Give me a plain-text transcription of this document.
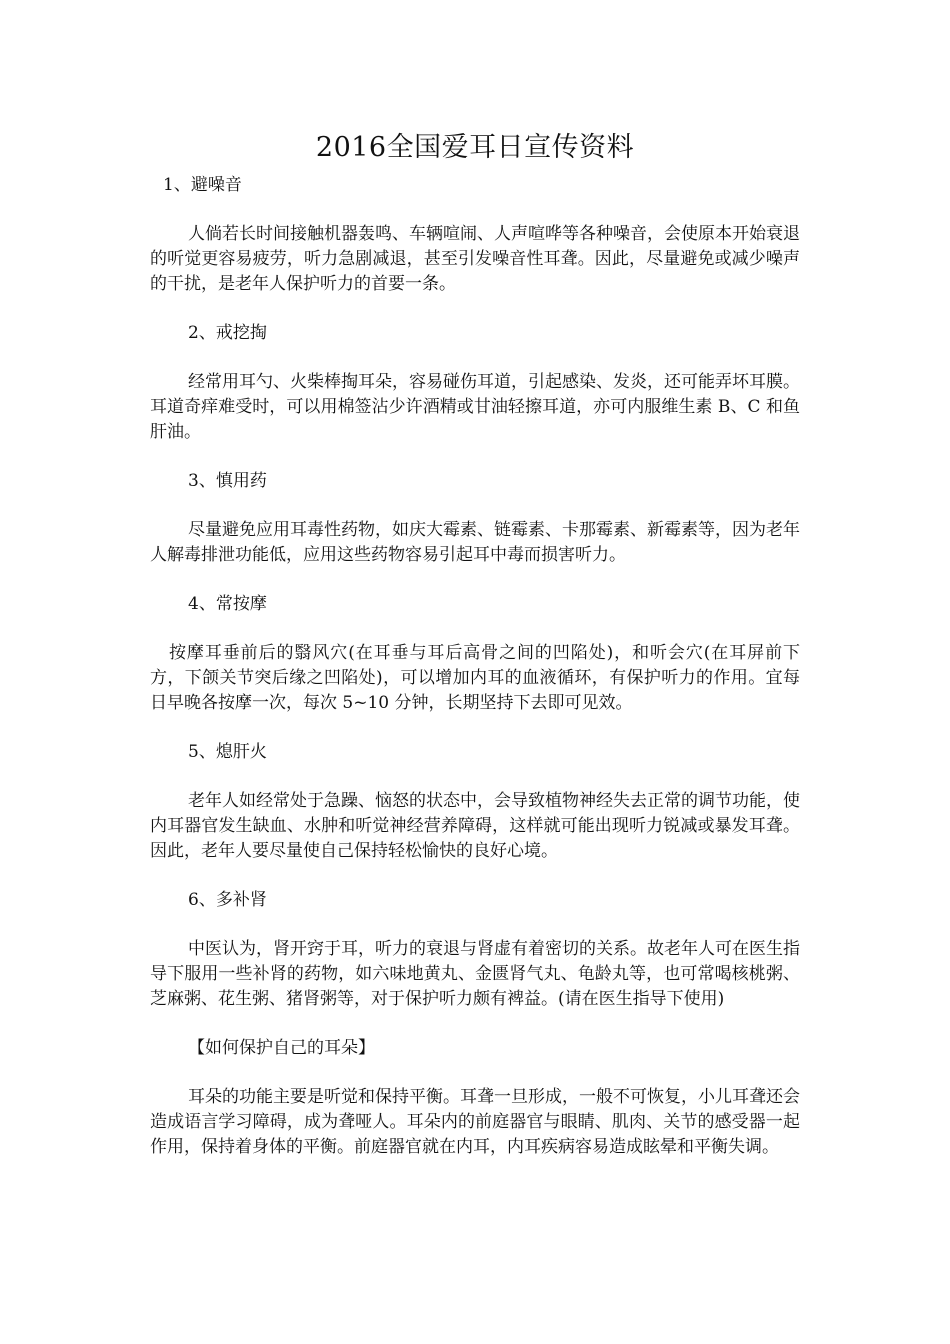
2016全国爱耳日宣传资料

1、避噪音

人倘若长时间接触机器轰鸣、车辆喧闹、人声喧哗等各种噪音，会使原本开始衰退的听觉更容易疲劳，听力急剧减退，甚至引发噪音性耳聋。因此，尽量避免或减少噪声的干扰，是老年人保护听力的首要一条。

2、戒挖掏

经常用耳勺、火柴棒掏耳朵，容易碰伤耳道，引起感染、发炎，还可能弄坏耳膜。耳道奇痒难受时，可以用棉签沾少许酒精或甘油轻擦耳道，亦可内服维生素 B、C 和鱼肝油。

3、慎用药

尽量避免应用耳毒性药物，如庆大霉素、链霉素、卡那霉素、新霉素等，因为老年人解毒排泄功能低，应用这些药物容易引起耳中毒而损害听力。

4、常按摩

按摩耳垂前后的翳风穴(在耳垂与耳后高骨之间的凹陷处)，和听会穴(在耳屏前下方，下颌关节突后缘之凹陷处)，可以增加内耳的血液循环，有保护听力的作用。宜每日早晚各按摩一次，每次 5~10 分钟，长期坚持下去即可见效。

5、熄肝火

老年人如经常处于急躁、恼怒的状态中，会导致植物神经失去正常的调节功能，使内耳器官发生缺血、水肿和听觉神经营养障碍，这样就可能出现听力锐减或暴发耳聋。因此，老年人要尽量使自己保持轻松愉快的良好心境。

6、多补肾

中医认为，肾开窍于耳，听力的衰退与肾虚有着密切的关系。故老年人可在医生指导下服用一些补肾的药物，如六味地黄丸、金匮肾气丸、龟龄丸等，也可常喝核桃粥、芝麻粥、花生粥、猪肾粥等，对于保护听力颇有裨益。(请在医生指导下使用)

【如何保护自己的耳朵】

耳朵的功能主要是听觉和保持平衡。耳聋一旦形成，一般不可恢复，小儿耳聋还会造成语言学习障碍，成为聋哑人。耳朵内的前庭器官与眼睛、肌肉、关节的感受器一起作用，保持着身体的平衡。前庭器官就在内耳，内耳疾病容易造成眩晕和平衡失调。
